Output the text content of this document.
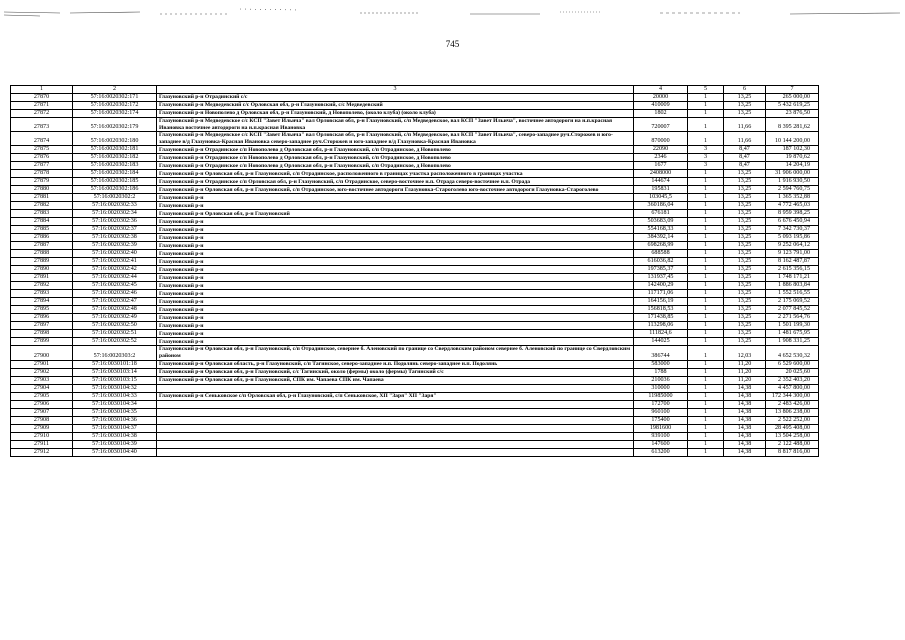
745
1	2	3	4	5	6	7
27870	57:16:0020302:171	Глазуновский р-н Отрадинский с/с	20000	1	13,25	265 000,00
27871	57:16:0020302:172	Глазуновский р-н Медведевский с/с Орловская обл, р-н Глазуновский, с/с Медведевский	410009	1	13,25	5 432 619,25
27872	57:16:0020302:174	Глазуновский р-н Новополево д Орловская обл, р-н Глазуновский, д Новополево, (около клуба) (около клуба)	1802	1	13,25	23 876,50
27873	57:16:0020302:179	Глазуновский р-н Медведевское с/с КСП "Завет Ильича" вал Орловская обл, р-н Глазуновский, с/п Медведевское, вал КСП "Завет Ильича", восточнее автодороги на н.п.красная Ивановка восточнее автодороги на н.п.красная Ивановка	720007	1	11,66	8 395 281,62
27874	57:16:0020302:180	Глазуновский р-н Медведевское с/с КСП "Завет Ильича" вал Орловская обл, р-н Глазуновский, с/п Медведевское, вал КСП "Завет Ильича", северо-западнее руч.Сторожев и юго-западнее в/д Глазуновка-Красная Ивановка северо-западнее руч.Сторожев и юго-западнее в/д Глазуновка-Красная Ивановка	870000	1	11,66	10 144 200,00
27875	57:16:0020302:181	Глазуновский р-н Отрадинское с/п Новополево д Орловская обл, р-н Глазуновский, с/п Отрадинское, д Новополево	22090	3	8,47	187 102,30
27876	57:16:0020302:182	Глазуновский р-н Отрадинское с/п Новополево д Орловская обл, р-н Глазуновский, с/п Отрадинское, д Новополево	2346	3	8,47	19 870,62
27877	57:16:0020302:183	Глазуновский р-н Отрадинское с/п Новополево д Орловская обл, р-н Глазуновский, с/п Отрадинское, д Новополево	1677	3	8,47	14 204,19
27878	57:16:0020302:184	Глазуновский р-н Орловская обл, р-н Глазуновский, с/п Отрадинское, расположенного в границах участка расположенного в границах участка	2408000	1	13,25	31 906 000,00
27879	57:16:0020302:185	Глазуновский р-н Отрадинское с/п Орловская обл, р-н Глазуновский, с/п Отрадинское, северо-восточнее н.п. Отрада северо-восточнее н.п. Отрада	144674	1	13,25	1 916 930,50
27880	57:16:0020302:186	Глазуновский р-н Орловская обл, р-н Глазуновский, с/п Отрадинское, юго-восточнее автодороги Глазуновка-Староголево юго-восточнее автодороги Глазуновка-Староголево	195831	1	13,25	2 594 760,75
27881	57:16:0020302:2	Глазуновский р-н	103045,5	1	13,25	1 365 352,88
27882	57:16:0020302:33	Глазуновский р-н	360186,04	1	13,25	4 772 465,03
27883	57:16:0020302:34	Глазуновский р-н Орловская обл, р-н Глазуновский	676181	1	13,25	8 959 398,25
27884	57:16:0020302:36	Глазуновский р-н	503683,09	1	13,25	6 676 450,94
27885	57:16:0020302:37	Глазуновский р-н	554168,33	1	13,25	7 342 730,37
27886	57:16:0020302:38	Глазуновский р-н	384392,14	1	13,25	5 093 195,86
27887	57:16:0020302:39	Глазуновский р-н	698268,99	1	13,25	9 252 064,12
27888	57:16:0020302:40	Глазуновский р-н	688588	1	13,25	9 123 791,00
27889	57:16:0020302:41	Глазуновский р-н	616036,82	1	13,25	8 162 487,87
27890	57:16:0020302:42	Глазуновский р-н	197385,37	1	13,25	2 615 356,15
27891	57:16:0020302:44	Глазуновский р-н	131937,45	1	13,25	1 748 171,21
27892	57:16:0020302:45	Глазуновский р-н	142400,29	1	13,25	1 886 803,84
27893	57:16:0020302:46	Глазуновский р-н	117171,06	1	13,25	1 552 516,55
27894	57:16:0020302:47	Глазуновский р-н	164156,19	1	13,25	2 175 069,52
27895	57:16:0020302:48	Глазуновский р-н	156818,53	1	13,25	2 077 845,52
27896	57:16:0020302:49	Глазуновский р-н	171438,85	1	13,25	2 271 564,76
27897	57:16:0020302:50	Глазуновский р-н	113298,06	1	13,25	1 501 199,30
27898	57:16:0020302:51	Глазуновский р-н	111824,6	1	13,25	1 481 675,95
27899	57:16:0020302:52	Глазуновский р-н	144025	1	13,25	1 908 331,25
27900	57:16:0020303:2	Глазуновский р-н Орловская обл, р-н Глазуновский, с/п Отрадинское, севернее б. Аленовский по границе со Свердловским районом севернее б. Аленовский по границе со Свердловским районом	386744	1	12,03	4 652 530,32
27901	57:16:0030101:18	Глазуновский р-н Орловская область, р-н Глазуновский, с/п Тагинское, северо-западнее н.п. Подолянь северо-западнее н.п. Подолянь	583000	1	11,20	6 529 600,00
27902	57:16:0030103:14	Глазуновский р-н Орловская обл, р-н Глазуновский, с/с Тагинский, около (фермы) около (фермы) Тагинский с/с	1788	1	11,20	20 025,60
27903	57:16:0030103:15	Глазуновский р-н Орловская обл, р-н Глазуновский, СПК им. Чапаева СПК им. Чапаева	210036	1	11,20	2 352 403,20
27904	57:16:0030104:32		310000	1	14,38	4 457 800,00
27905	57:16:0030104:33	Глазуновский р-н Сеньковское с/п Орловская обл, р-н Глазуновский, с/п Сеньковское, ХП "Заря" ХП "Заря"	11985000	1	14,38	172 344 300,00
27906	57:16:0030104:34		172700	1	14,38	2 483 426,00
27907	57:16:0030104:35		960100	1	14,38	13 806 238,00
27908	57:16:0030104:36		175400	1	14,38	2 522 252,00
27909	57:16:0030104:37		1981600	1	14,38	28 495 408,00
27910	57:16:0030104:38		939100	1	14,38	13 504 258,00
27911	57:16:0030104:39		147600	1	14,38	2 122 488,00
27912	57:16:0030104:40		613200	1	14,38	8 817 816,00
